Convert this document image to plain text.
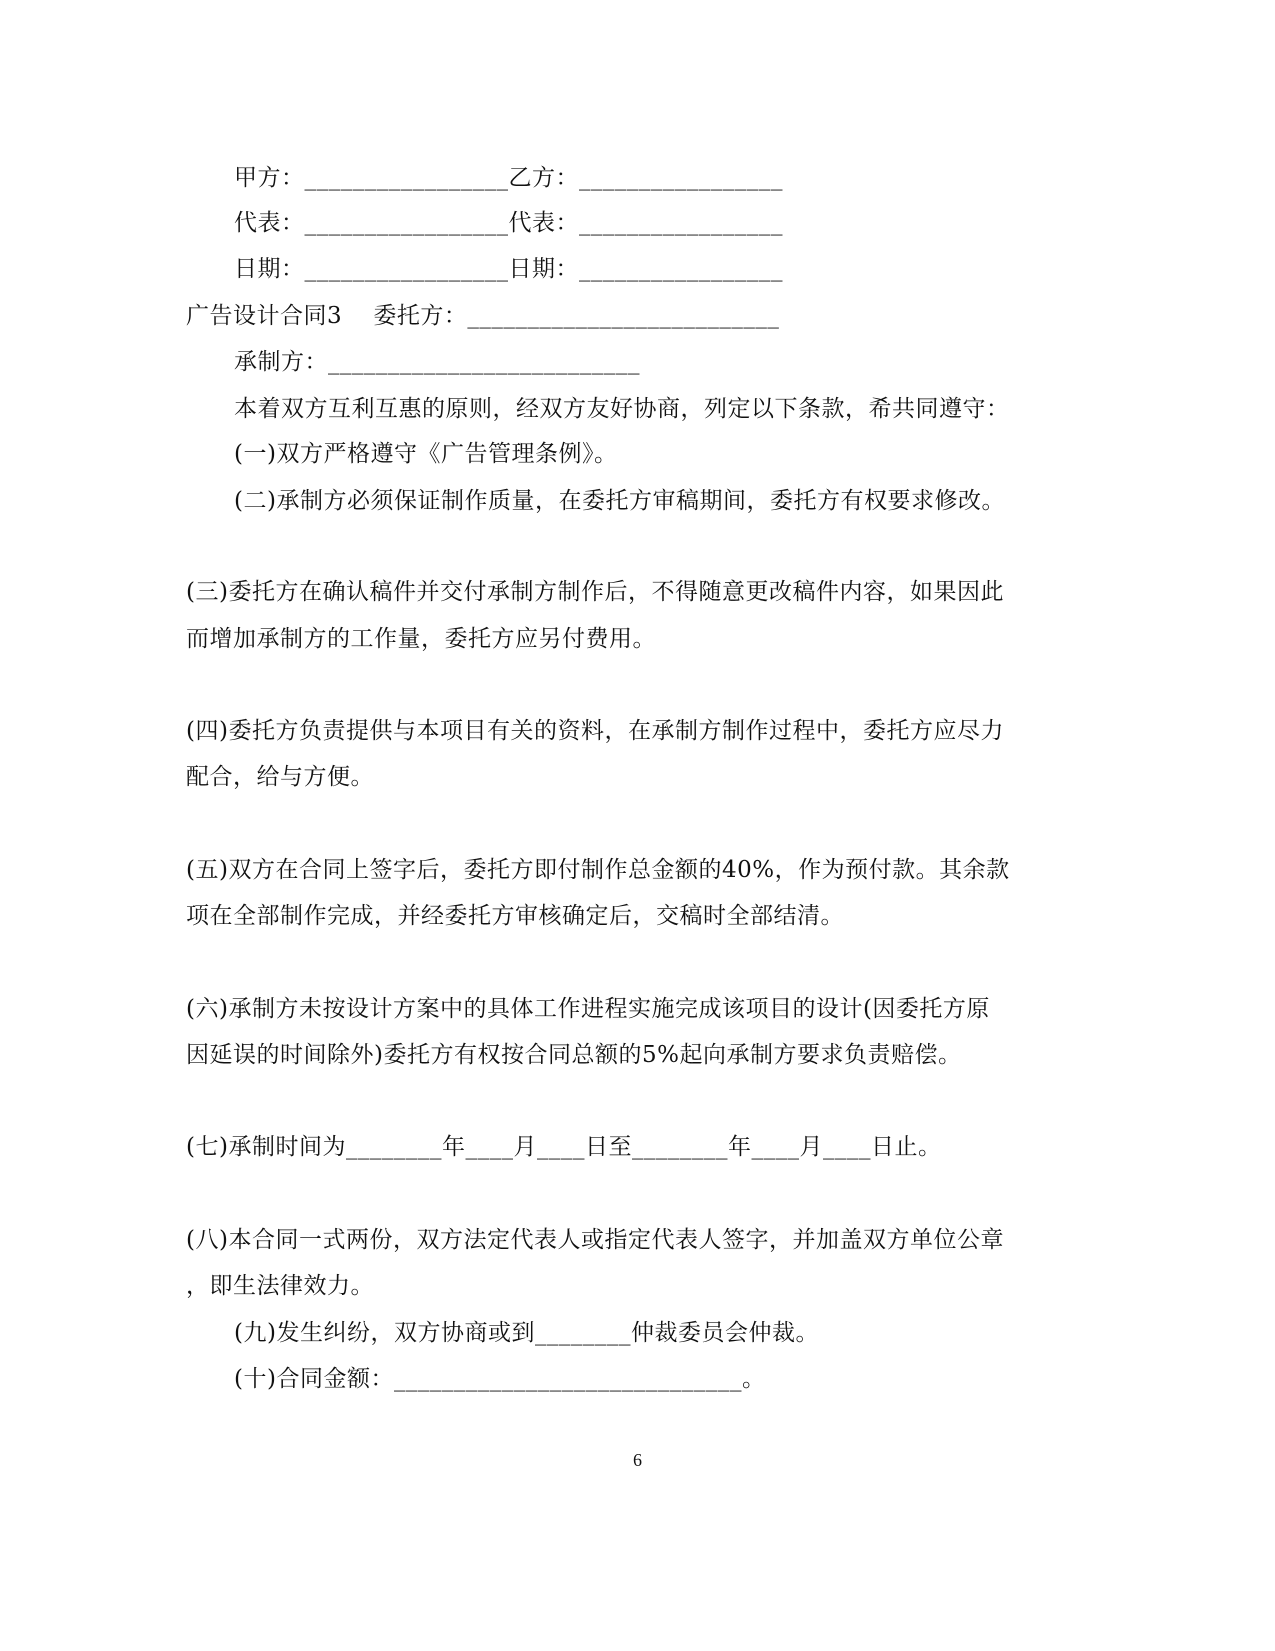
甲方：_________________乙方：_________________
代表：_________________代表：_________________
日期：_________________日期：_________________
广告设计合同3    委托方：__________________________
承制方：__________________________
本着双方互利互惠的原则，经双方友好协商，列定以下条款，希共同遵守：
(一)双方严格遵守《广告管理条例》。
(二)承制方必须保证制作质量，在委托方审稿期间，委托方有权要求修改。
(三)委托方在确认稿件并交付承制方制作后，不得随意更改稿件内容，如果因此
而增加承制方的工作量，委托方应另付费用。
(四)委托方负责提供与本项目有关的资料，在承制方制作过程中，委托方应尽力
配合，给与方便。
(五)双方在合同上签字后，委托方即付制作总金额的40%，作为预付款。其余款
项在全部制作完成，并经委托方审核确定后，交稿时全部结清。
(六)承制方未按设计方案中的具体工作进程实施完成该项目的设计(因委托方原
因延误的时间除外)委托方有权按合同总额的5%起向承制方要求负责赔偿。
(七)承制时间为________年____月____日至________年____月____日止。
(八)本合同一式两份，双方法定代表人或指定代表人签字，并加盖双方单位公章
，即生法律效力。
(九)发生纠纷，双方协商或到________仲裁委员会仲裁。
(十)合同金额：_____________________________。
6
